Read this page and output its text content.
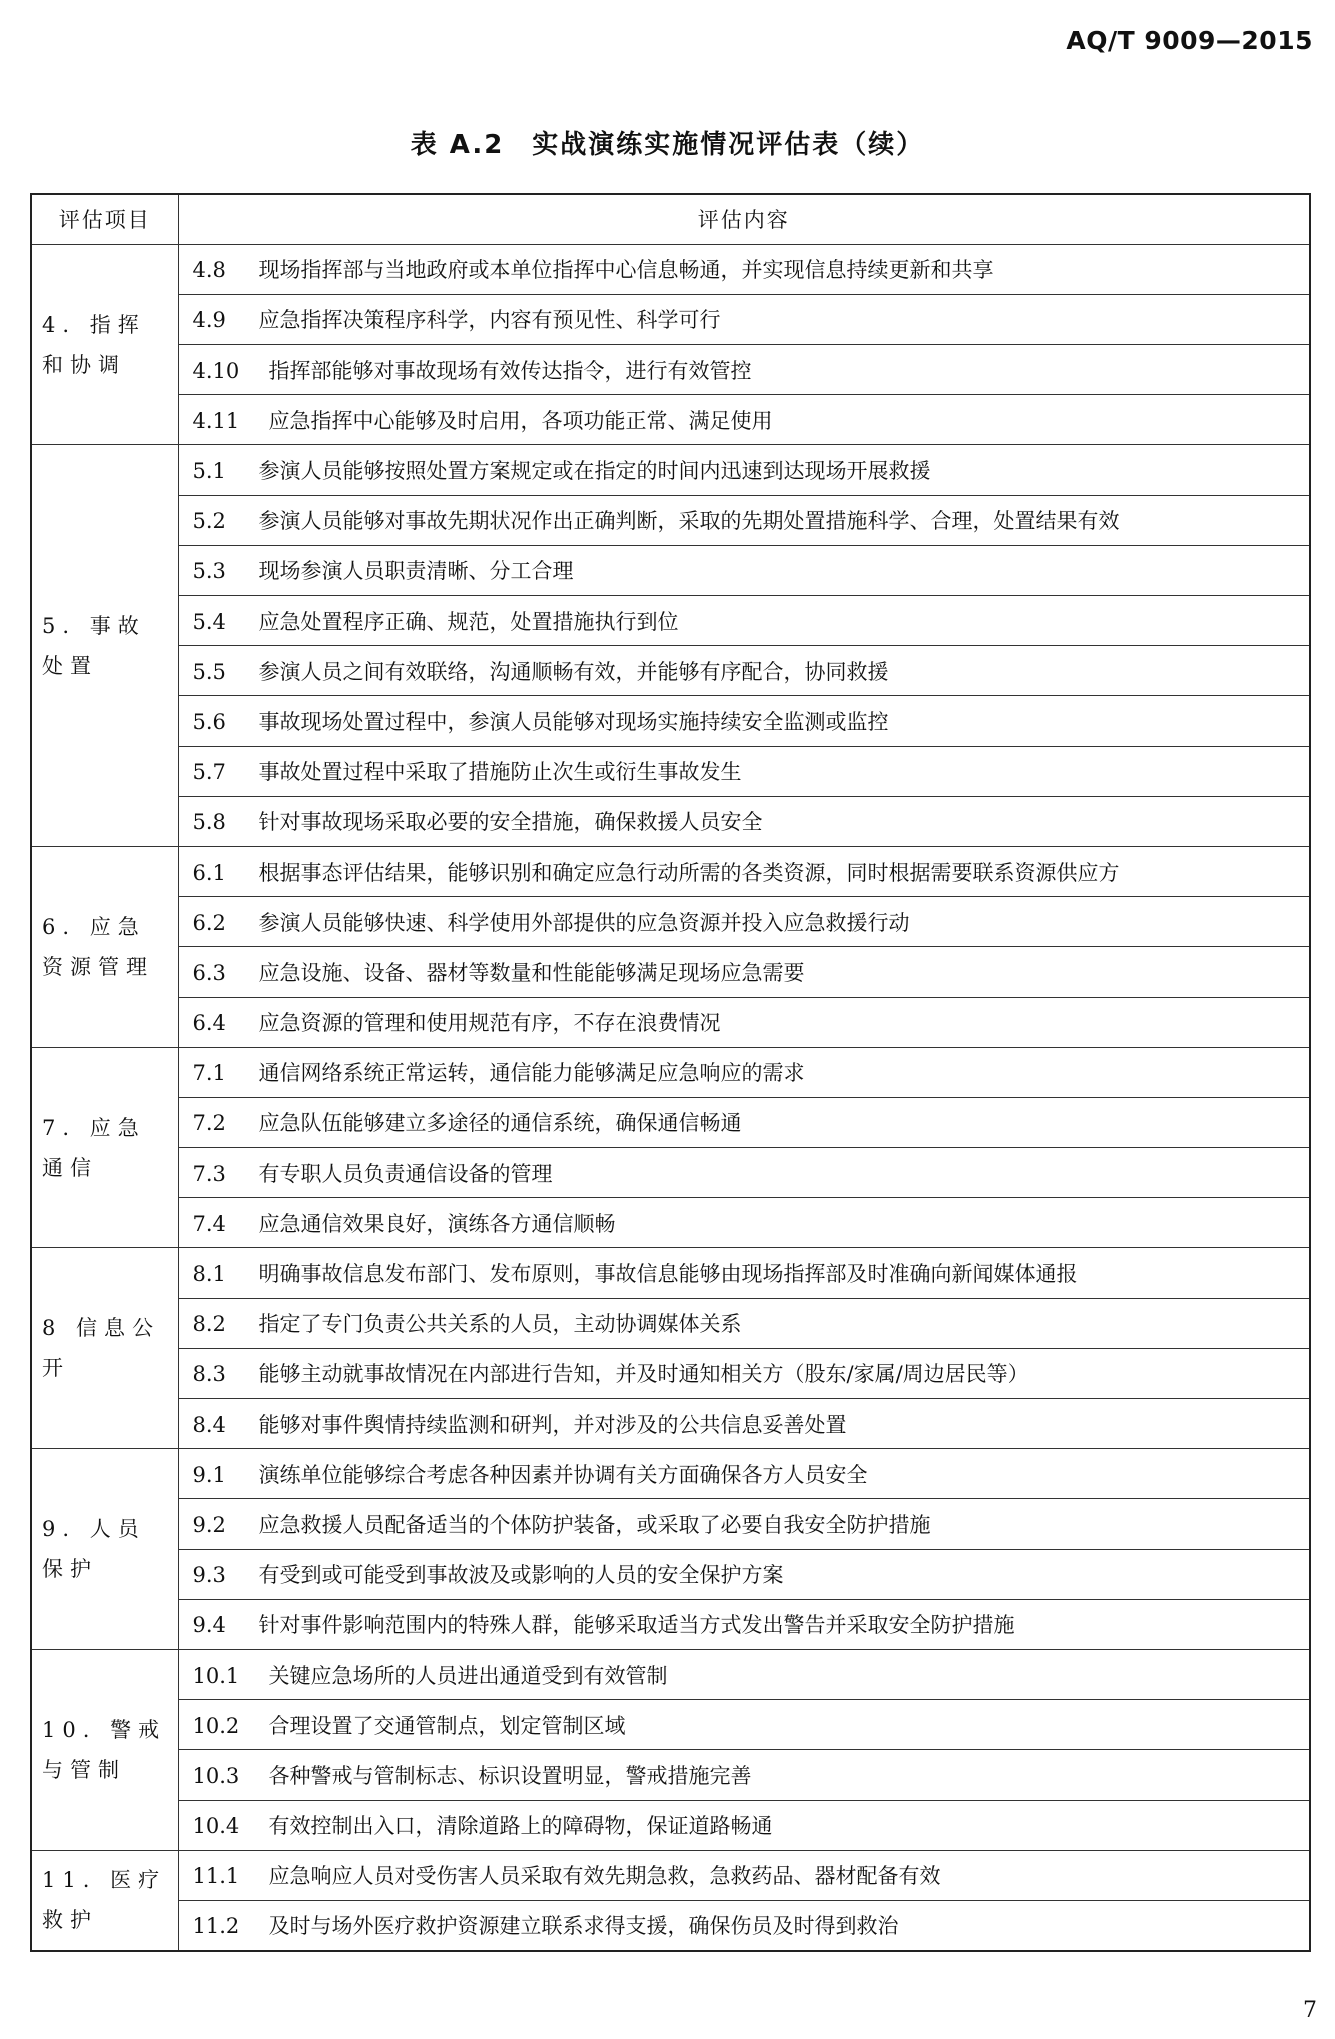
AQ/T 9009—2015
表 A.2　实战演练实施情况评估表（续）
评估项目	评估内容
4. 指挥和协调	4.8 现场指挥部与当地政府或本单位指挥中心信息畅通，并实现信息持续更新和共享
	4.9 应急指挥决策程序科学，内容有预见性、科学可行
	4.10 指挥部能够对事故现场有效传达指令，进行有效管控
	4.11 应急指挥中心能够及时启用，各项功能正常、满足使用
5. 事故处置	5.1 参演人员能够按照处置方案规定或在指定的时间内迅速到达现场开展救援
	5.2 参演人员能够对事故先期状况作出正确判断，采取的先期处置措施科学、合理，处置结果有效
	5.3 现场参演人员职责清晰、分工合理
	5.4 应急处置程序正确、规范，处置措施执行到位
	5.5 参演人员之间有效联络，沟通顺畅有效，并能够有序配合，协同救援
	5.6 事故现场处置过程中，参演人员能够对现场实施持续安全监测或监控
	5.7 事故处置过程中采取了措施防止次生或衍生事故发生
	5.8 针对事故现场采取必要的安全措施，确保救援人员安全
6. 应急资源管理	6.1 根据事态评估结果，能够识别和确定应急行动所需的各类资源，同时根据需要联系资源供应方
	6.2 参演人员能够快速、科学使用外部提供的应急资源并投入应急救援行动
	6.3 应急设施、设备、器材等数量和性能能够满足现场应急需要
	6.4 应急资源的管理和使用规范有序，不存在浪费情况
7. 应急通信	7.1 通信网络系统正常运转，通信能力能够满足应急响应的需求
	7.2 应急队伍能够建立多途径的通信系统，确保通信畅通
	7.3 有专职人员负责通信设备的管理
	7.4 应急通信效果良好，演练各方通信顺畅
8 信息公开	8.1 明确事故信息发布部门、发布原则，事故信息能够由现场指挥部及时准确向新闻媒体通报
	8.2 指定了专门负责公共关系的人员，主动协调媒体关系
	8.3 能够主动就事故情况在内部进行告知，并及时通知相关方（股东/家属/周边居民等）
	8.4 能够对事件舆情持续监测和研判，并对涉及的公共信息妥善处置
9. 人员保护	9.1 演练单位能够综合考虑各种因素并协调有关方面确保各方人员安全
	9.2 应急救援人员配备适当的个体防护装备，或采取了必要自我安全防护措施
	9.3 有受到或可能受到事故波及或影响的人员的安全保护方案
	9.4 针对事件影响范围内的特殊人群，能够采取适当方式发出警告并采取安全防护措施
10. 警戒与管制	10.1 关键应急场所的人员进出通道受到有效管制
	10.2 合理设置了交通管制点，划定管制区域
	10.3 各种警戒与管制标志、标识设置明显，警戒措施完善
	10.4 有效控制出入口，清除道路上的障碍物，保证道路畅通
11. 医疗救护	11.1 应急响应人员对受伤害人员采取有效先期急救，急救药品、器材配备有效
	11.2 及时与场外医疗救护资源建立联系求得支援，确保伤员及时得到救治
7
